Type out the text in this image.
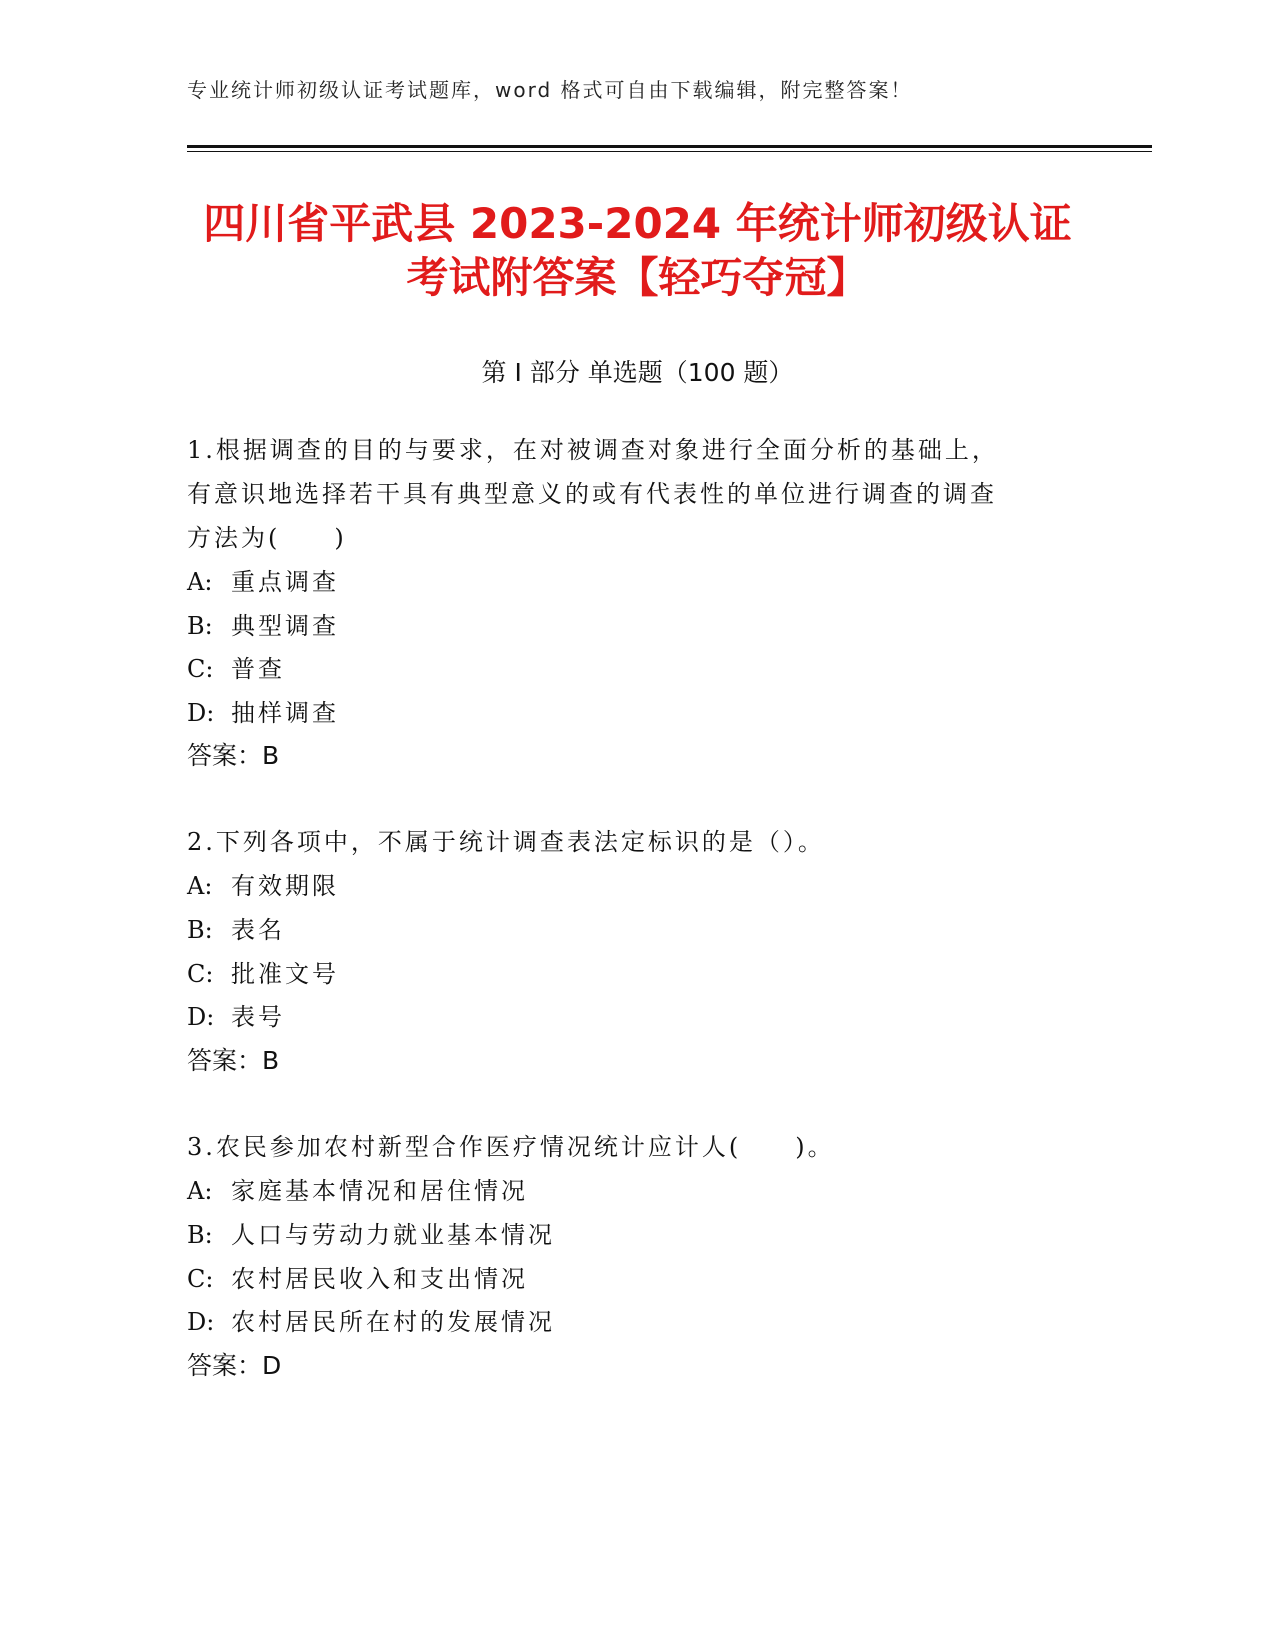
专业统计师初级认证考试题库，word 格式可自由下载编辑，附完整答案！
四川省平武县 2023-2024 年统计师初级认证
考试附答案【轻巧夺冠】
第 I 部分 单选题（100 题）
1.根据调查的目的与要求，在对被调查对象进行全面分析的基础上，
有意识地选择若干具有典型意义的或有代表性的单位进行调查的调查
方法为(　　)
A: 重点调查
B: 典型调查
C: 普查
D: 抽样调查
答案：B
2.下列各项中，不属于统计调查表法定标识的是（）。
A: 有效期限
B: 表名
C: 批准文号
D: 表号
答案：B
3.农民参加农村新型合作医疗情况统计应计人(　　)。
A: 家庭基本情况和居住情况
B: 人口与劳动力就业基本情况
C: 农村居民收入和支出情况
D: 农村居民所在村的发展情况
答案：D
